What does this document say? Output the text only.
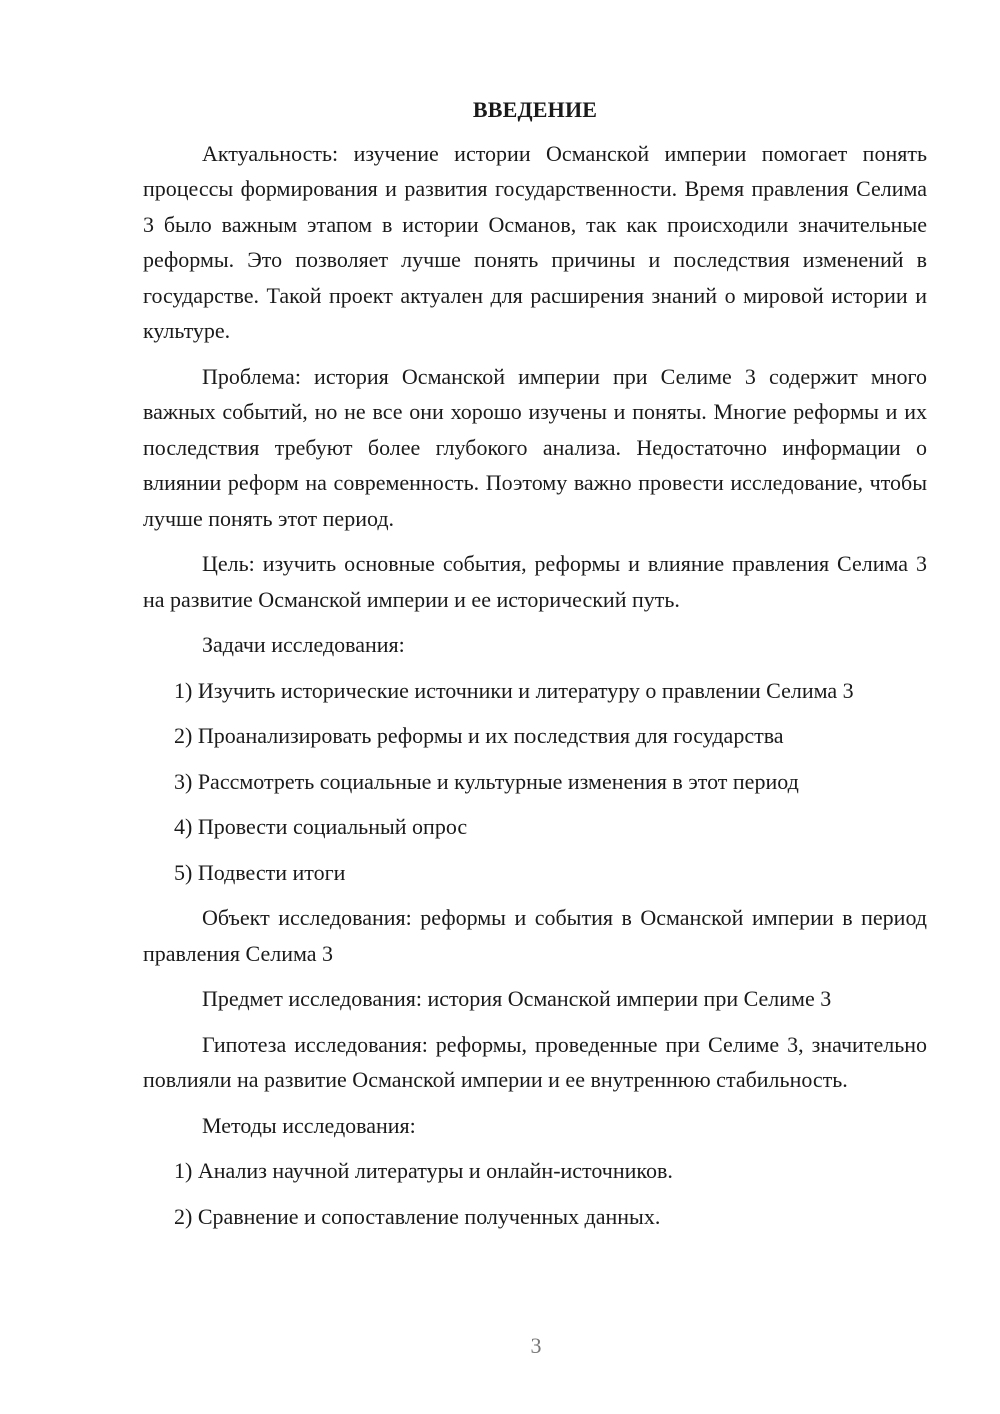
ВВЕДЕНИЕ

Актуальность: изучение истории Османской империи помогает понять процессы формирования и развития государственности. Время правления Селима 3 было важным этапом в истории Османов, так как происходили значительные реформы. Это позволяет лучше понять причины и последствия изменений в государстве. Такой проект актуален для расширения знаний о мировой истории и культуре.

Проблема: история Османской империи при Селиме 3 содержит много важных событий, но не все они хорошо изучены и поняты. Многие реформы и их последствия требуют более глубокого анализа. Недостаточно информации о влиянии реформ на современность. Поэтому важно провести исследование, чтобы лучше понять этот период.

Цель: изучить основные события, реформы и влияние правления Селима 3 на развитие Османской империи и ее исторический путь.

Задачи исследования:

1) Изучить исторические источники и литературу о правлении Селима 3

2) Проанализировать реформы и их последствия для государства

3) Рассмотреть социальные и культурные изменения в этот период

4) Провести социальный опрос

5) Подвести итоги

Объект исследования: реформы и события в Османской империи в период правления Селима 3

Предмет исследования: история Османской империи при Селиме 3

Гипотеза исследования: реформы, проведенные при Селиме 3, значительно повлияли на развитие Османской империи и ее внутреннюю стабильность.

Методы исследования:

1) Анализ научной литературы и онлайн-источников.

2) Сравнение и сопоставление полученных данных.

3
